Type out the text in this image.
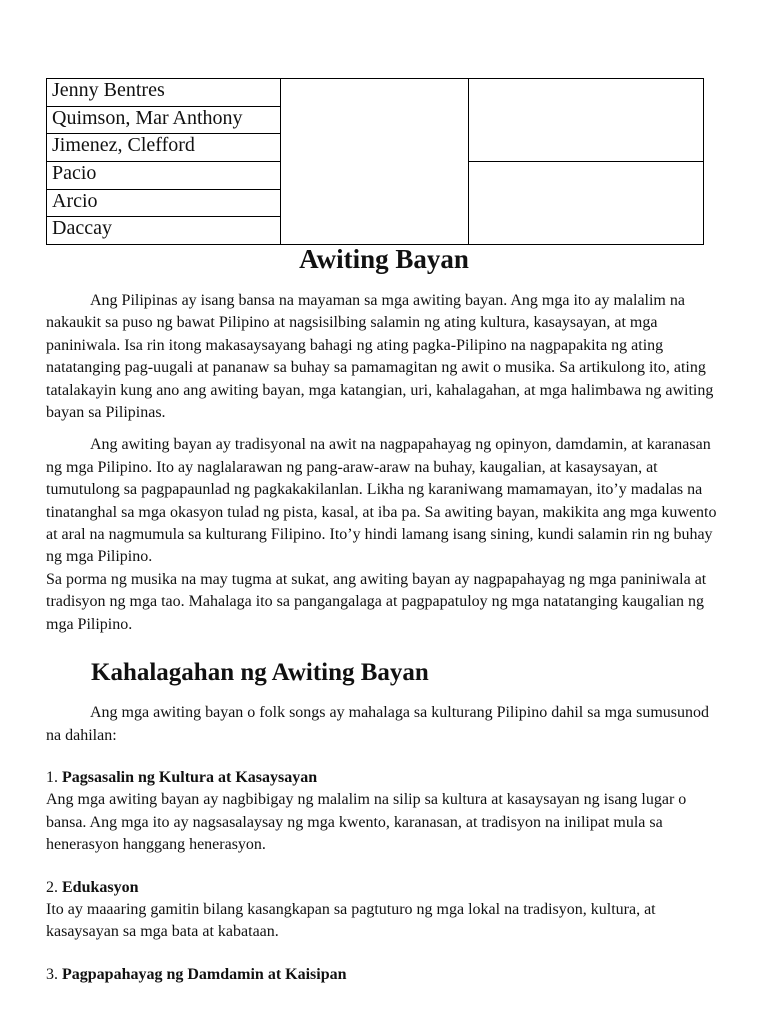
Jenny Bentres		
Quimson, Mar Anthony		
Jimenez, Clefford		
Pacio		
Arcio		
Daccay		
Awiting Bayan

Ang Pilipinas ay isang bansa na mayaman sa mga awiting bayan. Ang mga ito ay malalim na nakaukit sa puso ng bawat Pilipino at nagsisilbing salamin ng ating kultura, kasaysayan, at mga paniniwala. Isa rin itong makasaysayang bahagi ng ating pagka-Pilipino na nagpapakita ng ating natatanging pag-uugali at pananaw sa buhay sa pamamagitan ng awit o musika. Sa artikulong ito, ating tatalakayin kung ano ang awiting bayan, mga katangian, uri, kahalagahan, at mga halimbawa ng awiting bayan sa Pilipinas.

Ang awiting bayan ay tradisyonal na awit na nagpapahayag ng opinyon, damdamin, at karanasan ng mga Pilipino. Ito ay naglalarawan ng pang-araw-araw na buhay, kaugalian, at kasaysayan, at tumutulong sa pagpapaunlad ng pagkakakilanlan. Likha ng karaniwang mamamayan, ito’y madalas na tinatanghal sa mga okasyon tulad ng pista, kasal, at iba pa. Sa awiting bayan, makikita ang mga kuwento at aral na nagmumula sa kulturang Filipino. Ito’y hindi lamang isang sining, kundi salamin rin ng buhay ng mga Pilipino.

Sa porma ng musika na may tugma at sukat, ang awiting bayan ay nagpapahayag ng mga paniniwala at tradisyon ng mga tao. Mahalaga ito sa pangangalaga at pagpapatuloy ng mga natatanging kaugalian ng mga Pilipino.

Kahalagahan ng Awiting Bayan

Ang mga awiting bayan o folk songs ay mahalaga sa kulturang Pilipino dahil sa mga sumusunod na dahilan:

1. Pagsasalin ng Kultura at Kasaysayan

Ang mga awiting bayan ay nagbibigay ng malalim na silip sa kultura at kasaysayan ng isang lugar o bansa. Ang mga ito ay nagsasalaysay ng mga kwento, karanasan, at tradisyon na inilipat mula sa henerasyon hanggang henerasyon.

2. Edukasyon

Ito ay maaaring gamitin bilang kasangkapan sa pagtuturo ng mga lokal na tradisyon, kultura, at kasaysayan sa mga bata at kabataan.

3. Pagpapahayag ng Damdamin at Kaisipan
